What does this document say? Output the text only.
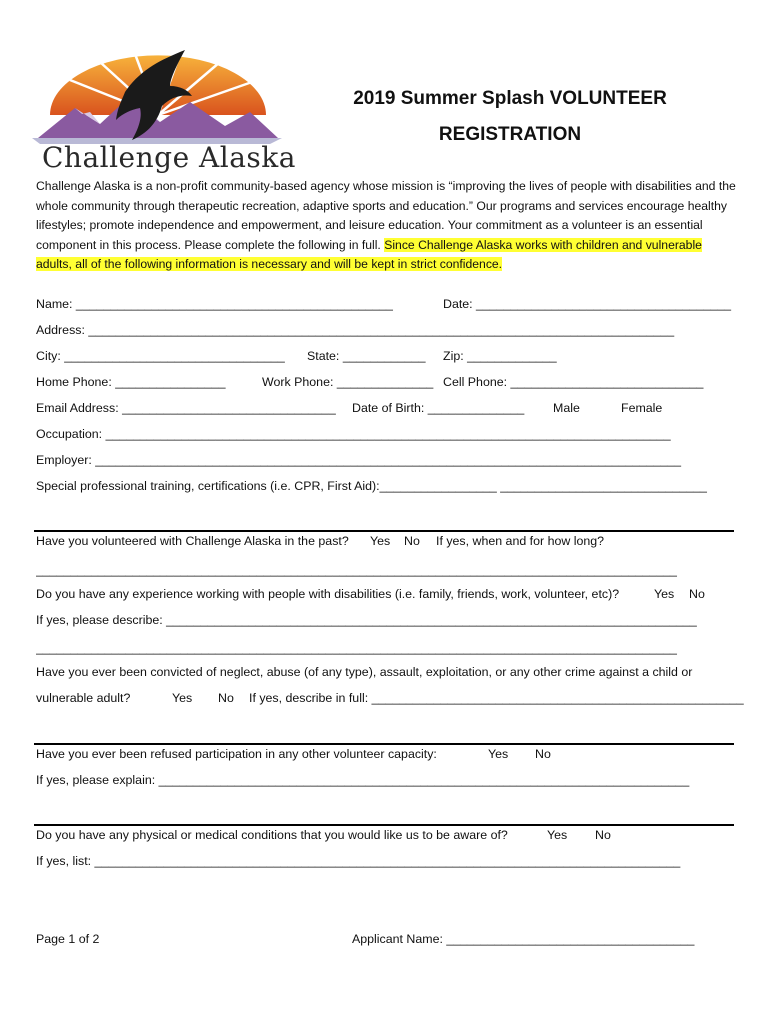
Challenge Alaska
2019 Summer Splash VOLUNTEER
REGISTRATION
Challenge Alaska is a non-profit community-based agency whose mission is “improving the lives of people with disabilities and the whole community through therapeutic recreation, adaptive sports and education.” Our programs and services encourage healthy lifestyles; promote independence and empowerment, and leisure education. Your commitment as a volunteer is an essential component in this process. Please complete the following in full. Since Challenge Alaska works with children and vulnerable adults, all of the following information is necessary and will be kept in strict confidence.
Name: ______________________________________________	Date: _____________________________________
Address: _____________________________________________________________________________________
City: ________________________________ State: ____________ Zip: _____________
Home Phone: ________________	Work Phone: ______________ Cell Phone: ____________________________
Email Address: _______________________________ Date of Birth: ______________ Male	Female
Occupation: __________________________________________________________________________________
Employer: _____________________________________________________________________________________
Special professional training, certifications (i.e. CPR, First Aid):_________________ ______________________________
Have you volunteered with Challenge Alaska in the past? Yes No If yes, when and for how long?
_____________________________________________________________________________________________
Do you have any experience working with people with disabilities (i.e. family, friends, work, volunteer, etc)?	Yes No
If yes, please describe: _____________________________________________________________________________
_____________________________________________________________________________________________
Have you ever been convicted of neglect, abuse (of any type), assault, exploitation, or any other crime against a child or
vulnerable adult?	Yes No If yes, describe in full: ______________________________________________________
Have you ever been refused participation in any other volunteer capacity:	Yes No
If yes, please explain: _____________________________________________________________________________
Do you have any physical or medical conditions that you would like us to be aware of?	Yes No
If yes, list: _____________________________________________________________________________________
Page 1 of 2	Applicant Name: ____________________________________
